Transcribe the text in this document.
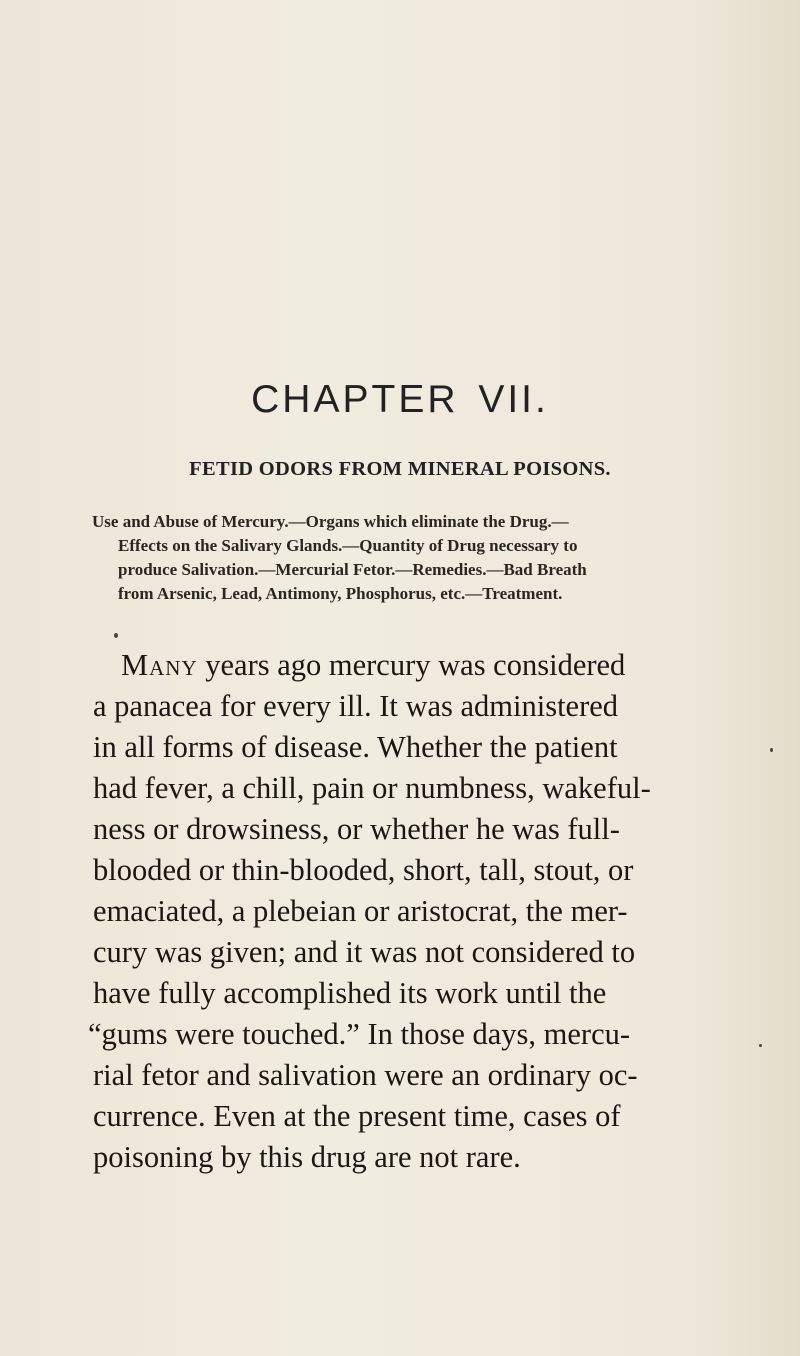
CHAPTER VII.
FETID ODORS FROM MINERAL POISONS.
Use and Abuse of Mercury.—Organs which eliminate the Drug.—
Effects on the Salivary Glands.—Quantity of Drug necessary to
produce Salivation.—Mercurial Fetor.—Remedies.—Bad Breath
from Arsenic, Lead, Antimony, Phosphorus, etc.—Treatment.
Many years ago mercury was considered
a panacea for every ill. It was administered
in all forms of disease. Whether the patient
had fever, a chill, pain or numbness, wakeful-
ness or drowsiness, or whether he was full-
blooded or thin-blooded, short, tall, stout, or
emaciated, a plebeian or aristocrat, the mer-
cury was given; and it was not considered to
have fully accomplished its work until the
“gums were touched.” In those days, mercu-
rial fetor and salivation were an ordinary oc-
currence. Even at the present time, cases of
poisoning by this drug are not rare.
